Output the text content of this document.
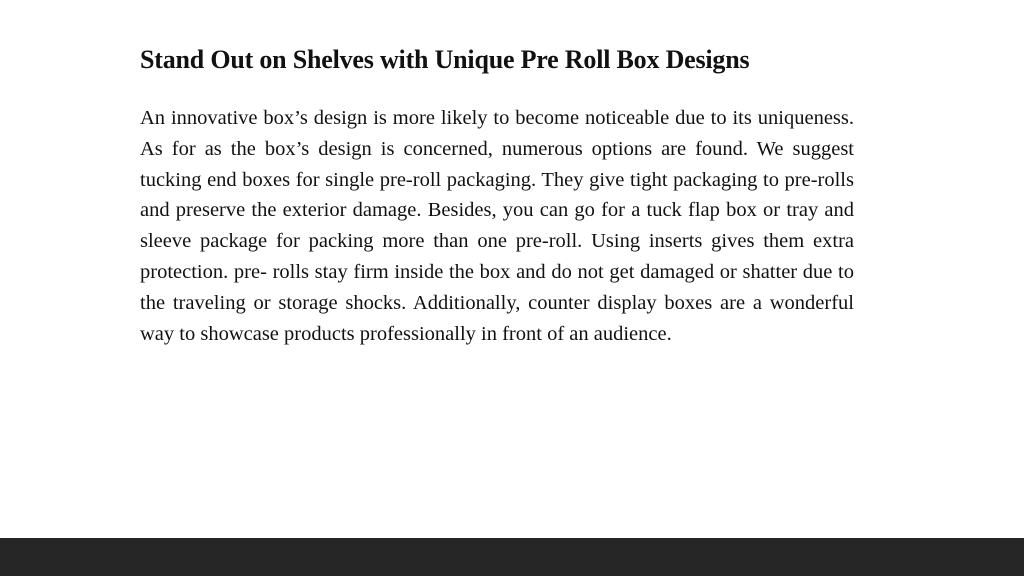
Stand Out on Shelves with Unique Pre Roll Box Designs

An innovative box’s design is more likely to become noticeable due to its uniqueness. As for as the box’s design is concerned, numerous options are found. We suggest tucking end boxes for single pre-roll packaging. They give tight packaging to pre-rolls and preserve the exterior damage. Besides, you can go for a tuck flap box or tray and sleeve package for packing more than one pre-roll. Using inserts gives them extra protection. pre- rolls stay firm inside the box and do not get damaged or shatter due to the traveling or storage shocks. Additionally, counter display boxes are a wonderful way to showcase products professionally in front of an audience.
